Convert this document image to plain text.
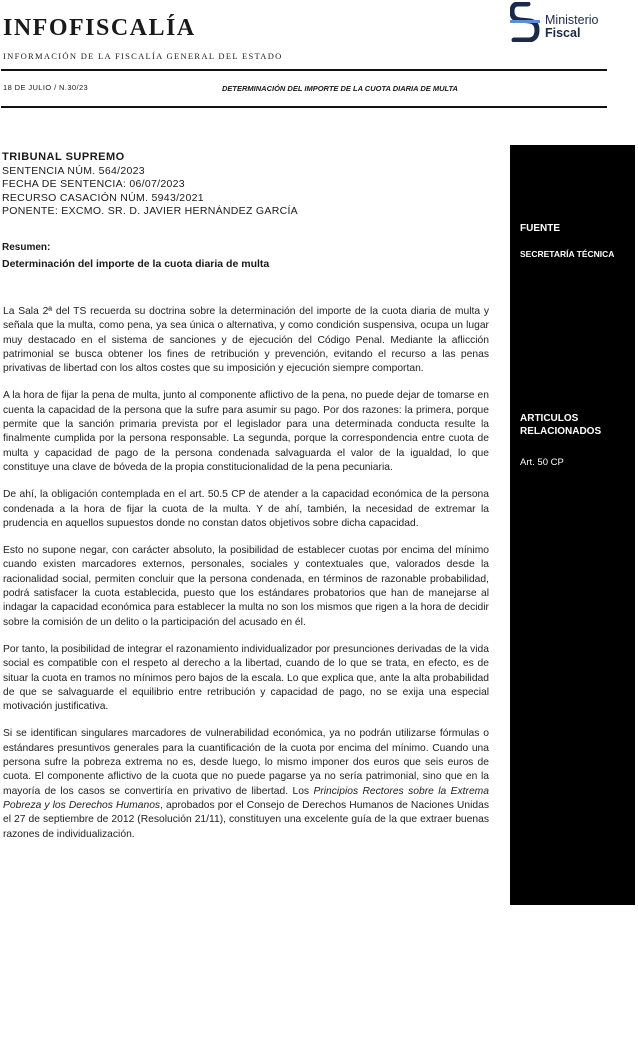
INFOFISCALÍA
INFORMACIÓN DE LA FISCALÍA GENERAL DEL ESTADO
Ministerio
Fiscal
18 DE JULIO / N.30/23	DETERMINACIÓN DEL IMPORTE DE LA CUOTA DIARIA DE MULTA
TRIBUNAL SUPREMO
SENTENCIA NÚM. 564/2023
FECHA DE SENTENCIA: 06/07/2023
RECURSO CASACIÓN NÚM. 5943/2021
PONENTE: EXCMO. SR. D. JAVIER HERNÁNDEZ GARCÍA
Resumen:
Determinación del importe de la cuota diaria de multa

La Sala 2ª del TS recuerda su doctrina sobre la determinación del importe de la cuota diaria de multa y señala que la multa, como pena, ya sea única o alternativa, y como condición suspensiva, ocupa un lugar muy destacado en el sistema de sanciones y de ejecución del Código Penal. Mediante la aflicción patrimonial se busca obtener los fines de retribución y prevención, evitando el recurso a las penas privativas de libertad con los altos costes que su imposición y ejecución siempre comportan.

A la hora de fijar la pena de multa, junto al componente aflictivo de la pena, no puede dejar de tomarse en cuenta la capacidad de la persona que la sufre para asumir su pago. Por dos razones: la primera, porque permite que la sanción primaria prevista por el legislador para una determinada conducta resulte la finalmente cumplida por la persona responsable. La segunda, porque la correspondencia entre cuota de multa y capacidad de pago de la persona condenada salvaguarda el valor de la igualdad, lo que constituye una clave de bóveda de la propia constitucionalidad de la pena pecuniaria.

De ahí, la obligación contemplada en el art. 50.5 CP de atender a la capacidad económica de la persona condenada a la hora de fijar la cuota de la multa. Y de ahí, también, la necesidad de extremar la prudencia en aquellos supuestos donde no constan datos objetivos sobre dicha capacidad.

Esto no supone negar, con carácter absoluto, la posibilidad de establecer cuotas por encima del mínimo cuando existen marcadores externos, personales, sociales y contextuales que, valorados desde la racionalidad social, permiten concluir que la persona condenada, en términos de razonable probabilidad, podrá satisfacer la cuota establecida, puesto que los estándares probatorios que han de manejarse al indagar la capacidad económica para establecer la multa no son los mismos que rigen a la hora de decidir sobre la comisión de un delito o la participación del acusado en él.

Por tanto, la posibilidad de integrar el razonamiento individualizador por presunciones derivadas de la vida social es compatible con el respeto al derecho a la libertad, cuando de lo que se trata, en efecto, es de situar la cuota en tramos no mínimos pero bajos de la escala. Lo que explica que, ante la alta probabilidad de que se salvaguarde el equilibrio entre retribución y capacidad de pago, no se exija una especial motivación justificativa.

Si se identifican singulares marcadores de vulnerabilidad económica, ya no podrán utilizarse fórmulas o estándares presuntivos generales para la cuantificación de la cuota por encima del mínimo. Cuando una persona sufre la pobreza extrema no es, desde luego, lo mismo imponer dos euros que seis euros de cuota. El componente aflictivo de la cuota que no puede pagarse ya no sería patrimonial, sino que en la mayoría de los casos se convertiría en privativo de libertad. Los Principios Rectores sobre la Extrema Pobreza y los Derechos Humanos, aprobados por el Consejo de Derechos Humanos de Naciones Unidas el 27 de septiembre de 2012 (Resolución 21/11), constituyen una excelente guía de la que extraer buenas razones de individualización.

FUENTE
SECRETARÍA TÉCNICA
ARTICULOS
RELACIONADOS
Art. 50 CP
